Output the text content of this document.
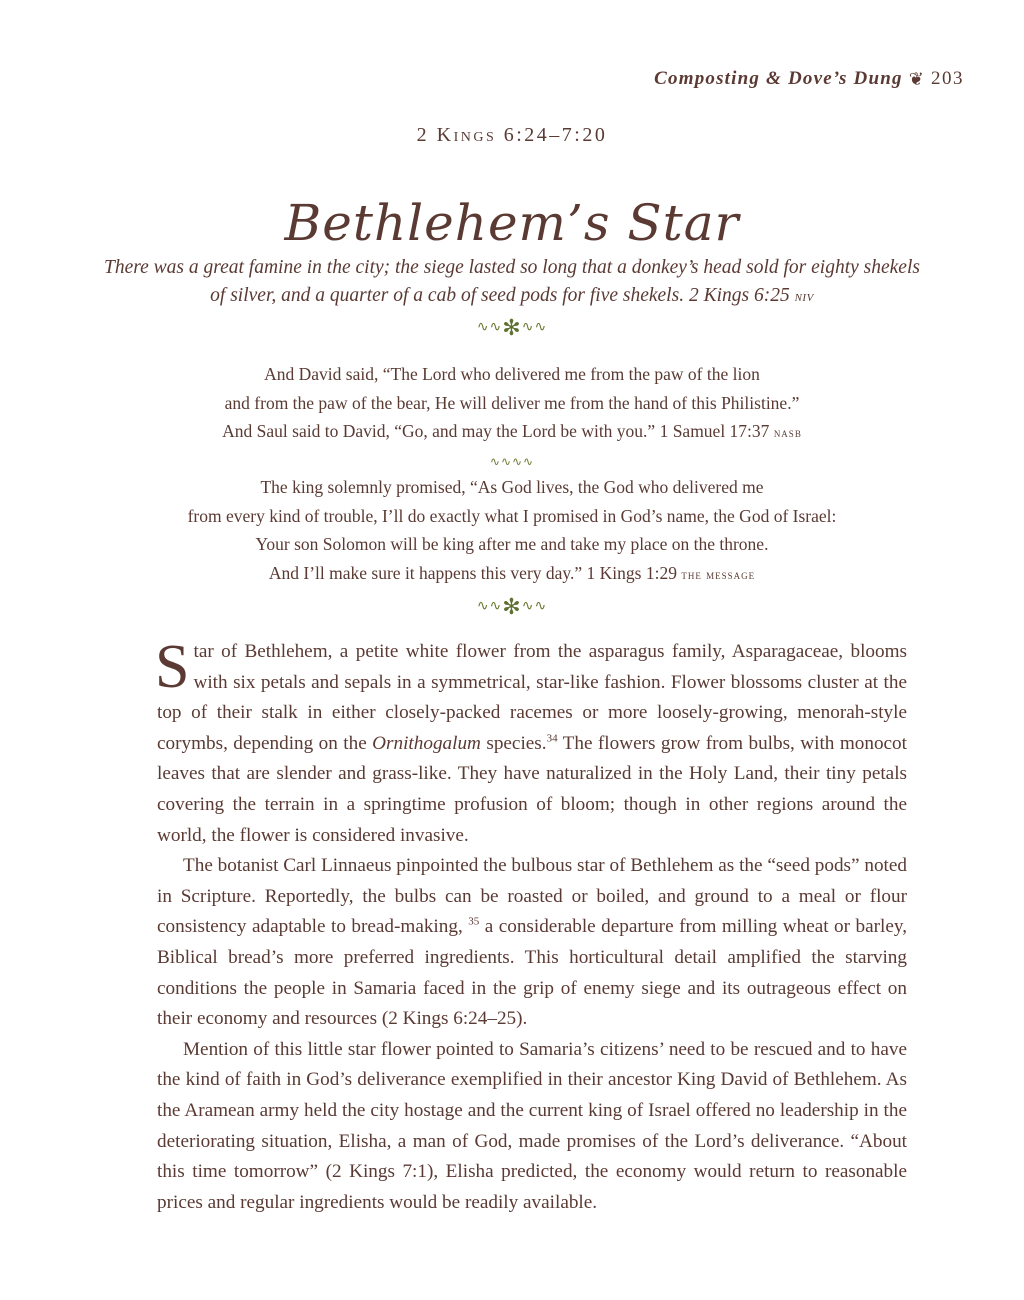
Composting & Dove’s Dung ❦ 203
2 Kings 6:24–7:20
Bethlehem’s Star
There was a great famine in the city; the siege lasted so long that a donkey’s head sold for eighty shekels of silver, and a quarter of a cab of seed pods for five shekels. 2 Kings 6:25 niv
∿∿✻∿∿
And David said, “The Lord who delivered me from the paw of the lion
and from the paw of the bear, He will deliver me from the hand of this Philistine.”
And Saul said to David, “Go, and may the Lord be with you.” 1 Samuel 17:37 nasb
∿∿∿∿
The king solemnly promised, “As God lives, the God who delivered me
from every kind of trouble, I’ll do exactly what I promised in God’s name, the God of Israel:
Your son Solomon will be king after me and take my place on the throne.
And I’ll make sure it happens this very day.” 1 Kings 1:29 the message
∿∿✻∿∿

Star of Bethlehem, a petite white flower from the asparagus family, Asparagaceae, blooms with six petals and sepals in a symmetrical, star-like fashion. Flower blossoms cluster at the top of their stalk in either closely-packed racemes or more loosely-growing, menorah-style corymbs, depending on the Ornithogalum species.$^{34}$ The flowers grow from bulbs, with monocot leaves that are slender and grass-like. They have naturalized in the Holy Land, their tiny petals covering the terrain in a springtime profusion of bloom; though in other regions around the world, the flower is considered invasive.

The botanist Carl Linnaeus pinpointed the bulbous star of Bethlehem as the “seed pods” noted in Scripture. Reportedly, the bulbs can be roasted or boiled, and ground to a meal or flour consistency adaptable to bread-making, $^{35}$ a considerable departure from milling wheat or barley, Biblical bread’s more preferred ingredients. This horticultural detail amplified the starving conditions the people in Samaria faced in the grip of enemy siege and its outrageous effect on their economy and resources (2 Kings 6:24–25).

Mention of this little star flower pointed to Samaria’s citizens’ need to be rescued and to have the kind of faith in God’s deliverance exemplified in their ancestor King David of Bethlehem. As the Aramean army held the city hostage and the current king of Israel offered no leadership in the deteriorating situation, Elisha, a man of God, made promises of the Lord’s deliverance. “About this time tomorrow” (2 Kings 7:1), Elisha predicted, the economy would return to reasonable prices and regular ingredients would be readily available.
